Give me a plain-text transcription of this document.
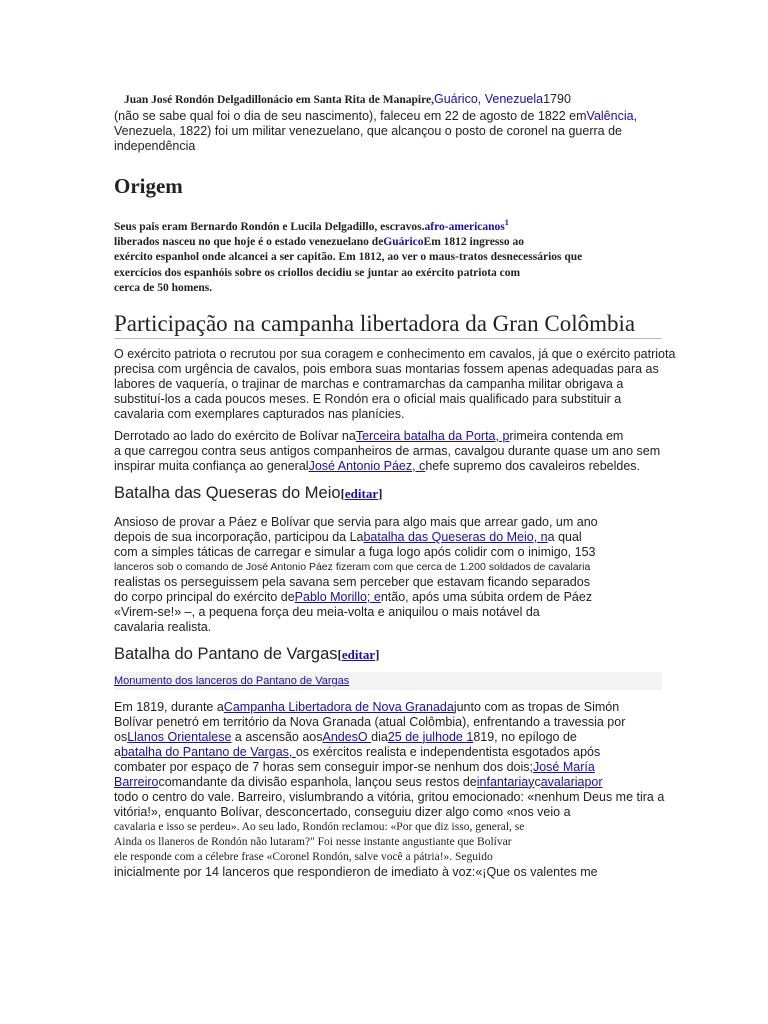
Juan José Rondón Delgadillonácio em Santa Rita de Manapire,Guárico, Venezuela1790
(não se sabe qual foi o dia de seu nascimento), faleceu em 22 de agosto de 1822 emValência,
Venezuela, 1822) foi um militar venezuelano, que alcançou o posto de coronel na guerra de
independência
Origem
Seus pais eram Bernardo Rondón e Lucila Delgadillo, escravos.afro-americanos$^1$
liberados nasceu no que hoje é o estado venezuelano deGuáricoEm 1812 ingresso ao
exército espanhol onde alcancei a ser capitão. Em 1812, ao ver o maus-tratos desnecessários que
exercícios dos espanhóis sobre os criollos decidiu se juntar ao exército patriota com
cerca de 50 homens.
Participação na campanha libertadora da Gran Colômbia
O exército patriota o recrutou por sua coragem e conhecimento em cavalos, já que o exército patriota
precisa com urgência de cavalos, pois embora suas montarias fossem apenas adequadas para as
labores de vaquería, o trajinar de marchas e contramarchas da campanha militar obrigava a
substituí-los a cada poucos meses. E Rondón era o oficial mais qualificado para substituir a
cavalaria com exemplares capturados nas planícies.
Derrotado ao lado do exército de Bolívar naTerceira batalha da Porta, primeira contenda em
a que carregou contra seus antigos companheiros de armas, cavalgou durante quase um ano sem
inspirar muita confiança ao generalJosé Antonio Páez, chefe supremo dos cavaleiros rebeldes.
Batalha das Queseras do Meio[editar]
Ansioso de provar a Páez e Bolívar que servia para algo mais que arrear gado, um ano
depois de sua incorporação, participou da Labatalha das Queseras do Meio, na qual
com a simples táticas de carregar e simular a fuga logo após colidir com o inimigo, 153
lanceros sob o comando de José Antonio Páez fizeram com que cerca de 1.200 soldados de cavalaria
realistas os perseguissem pela savana sem perceber que estavam ficando separados
do corpo principal do exército dePablo Morillo; então, após uma súbita ordem de Páez
«Virem-se!» –, a pequena força deu meia-volta e aniquilou o mais notável da
cavalaria realista.
Batalha do Pantano de Vargas[editar]
Monumento dos lanceros do Pantano de Vargas
Em 1819, durante aCampanha Libertadora de Nova Granadajunto com as tropas de Simón
Bolívar penetró em território da Nova Granada (atual Colômbia), enfrentando a travessia por
osLlanos Orientalese a ascensão aosAndesO dia25 de julhode 1819, no epílogo de
abatalha do Pantano de Vargas, os exércitos realista e independentista esgotados após
combater por espaço de 7 horas sem conseguir impor-se nenhum dos dois;José María
Barreirocomandante da divisão espanhola, lançou seus restos deinfantariaycavalariapor
todo o centro do vale. Barreiro, vislumbrando a vitória, gritou emocionado: «nenhum Deus me tira a
vitória!», enquanto Bolívar, desconcertado, conseguiu dizer algo como «nos veio a
cavalaria e isso se perdeu». Ao seu lado, Rondón reclamou: «Por que diz isso, general, se
Ainda os llaneros de Rondón não lutaram?" Foi nesse instante angustiante que Bolívar
ele responde com a célebre frase «Coronel Rondón, salve você a pátria!». Seguido
inicialmente por 14 lanceros que respondieron de imediato à voz:«¡Que os valentes me
